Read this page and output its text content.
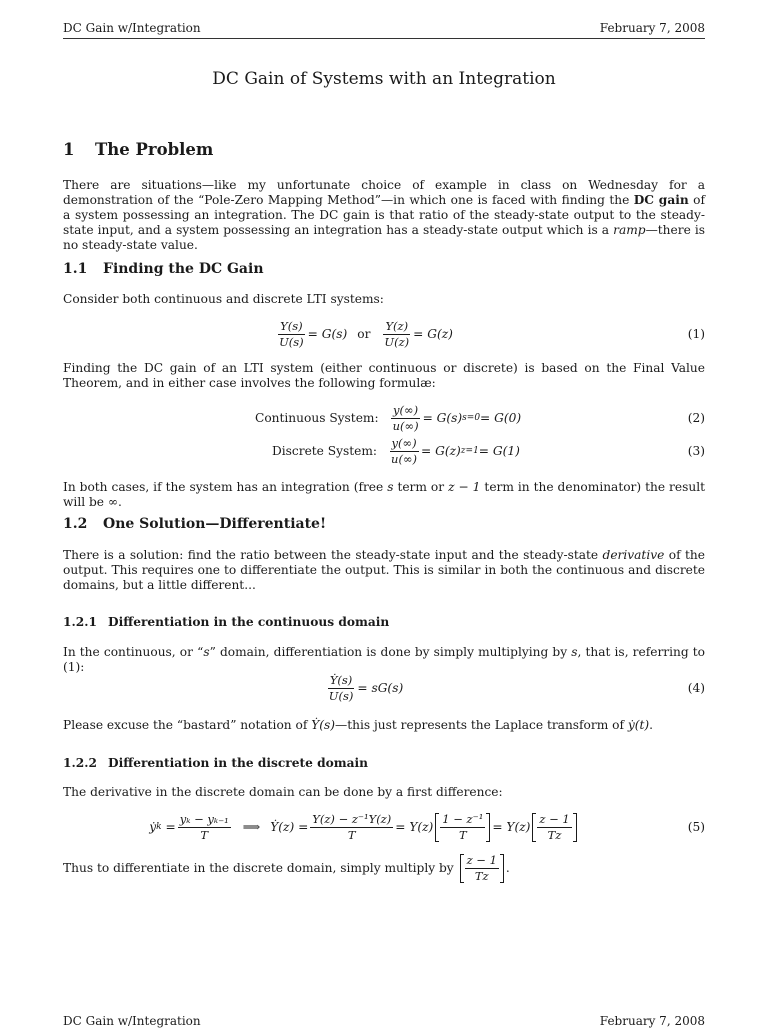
DC Gain w/Integration	February 7, 2008
DC Gain of Systems with an Integration
1 The Problem
There are situations—like my unfortunate choice of example in class on Wednesday for a demonstration of the “Pole-Zero Mapping Method”—in which one is faced with finding the DC gain of a system possessing an integration. The DC gain is that ratio of the steady-state output to the steady-state input, and a system possessing an integration has a steady-state output which is a ramp—there is no steady-state value.
1.1 Finding the DC Gain
Consider both continuous and discrete LTI systems:
$\frac{Y(s)}{U(s)} = G(s)$ or $\frac{Y(z)}{U(z)} = G(z)$	(1)
Finding the DC gain of an LTI system (either continuous or discrete) is based on the Final Value Theorem, and in either case involves the following formulæ:
Continuous System: $\frac{y(\infty)}{u(\infty)} = G(s) s=0 = G(0)$	(2)
Discrete System: $\frac{y(\infty)}{u(\infty)} = G(z) z=1 = G(1)$	(3)
In both cases, if the system has an integration (free s term or z − 1 term in the denominator) the result will be ∞.
1.2 One Solution—Differentiate!
There is a solution: find the ratio between the steady-state input and the steady-state derivative of the output. This requires one to differentiate the output. This is similar in both the continuous and discrete domains, but a little different...
1.2.1 Differentiation in the continuous domain
In the continuous, or “s” domain, differentiation is done by simply multiplying by s, that is, referring to (1):
$\frac{\text{Ẏ(s)}}{U(s)} = sG(s)$	(4)
Please excuse the “bastard” notation of Ẏ(s)—this just represents the Laplace transform of ẏ(t).
1.2.2 Differentiation in the discrete domain
The derivative in the discrete domain can be done by a first difference:
ẏ k
= $\frac{\text{yₖ − yₖ₋₁}}{T}$ ⟹ Ẏ(z) = $\frac{\text{Y(z) − z⁻¹Y(z)}}{T} = Y(z) \frac{\text{1 − z⁻¹}}{T} = Y(z) \frac{z - 1}{Tz}$	(5)
Thus to differentiate in the discrete domain, simply multiply by
$\frac{z - 1}{Tz}$ .
DC Gain w/Integration	February 7, 2008
